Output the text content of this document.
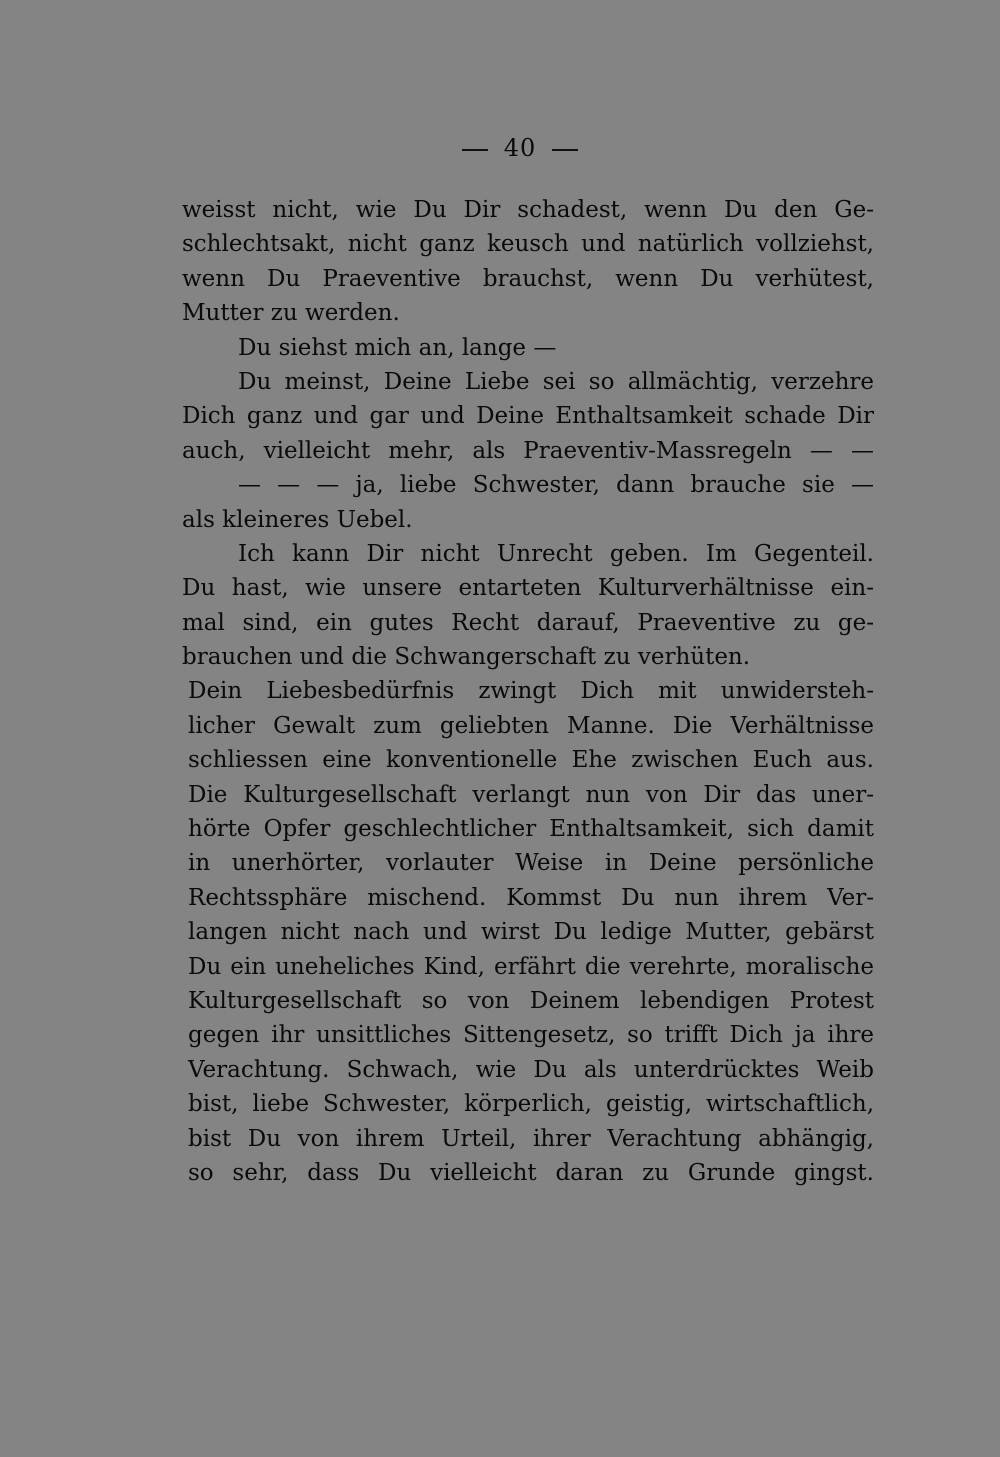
40
weisst nicht, wie Du Dir schadest, wenn Du den Ge-
schlechtsakt, nicht ganz keusch und natürlich vollziehst,
wenn Du Praeventive brauchst, wenn Du verhütest,
Mutter zu werden.
Du siehst mich an, lange —
Du meinst, Deine Liebe sei so allmächtig, verzehre
Dich ganz und gar und Deine Enthaltsamkeit schade Dir
auch, vielleicht mehr, als Praeventiv-Massregeln — —
— — — ja, liebe Schwester, dann brauche sie —
als kleineres Uebel.
Ich kann Dir nicht Unrecht geben. Im Gegenteil.
Du hast, wie unsere entarteten Kulturverhältnisse ein-
mal sind, ein gutes Recht darauf, Praeventive zu ge-
brauchen und die Schwangerschaft zu verhüten.
Dein Liebesbedürfnis zwingt Dich mit unwidersteh-
licher Gewalt zum geliebten Manne. Die Verhältnisse
schliessen eine konventionelle Ehe zwischen Euch aus.
Die Kulturgesellschaft verlangt nun von Dir das uner-
hörte Opfer geschlechtlicher Enthaltsamkeit, sich damit
in unerhörter, vorlauter Weise in Deine persönliche
Rechtssphäre mischend. Kommst Du nun ihrem Ver-
langen nicht nach und wirst Du ledige Mutter, gebärst
Du ein uneheliches Kind, erfährt die verehrte, moralische
Kulturgesellschaft so von Deinem lebendigen Protest
gegen ihr unsittliches Sittengesetz, so trifft Dich ja ihre
Verachtung. Schwach, wie Du als unterdrücktes Weib
bist, liebe Schwester, körperlich, geistig, wirtschaftlich,
bist Du von ihrem Urteil, ihrer Verachtung abhängig,
so sehr, dass Du vielleicht daran zu Grunde gingst.
